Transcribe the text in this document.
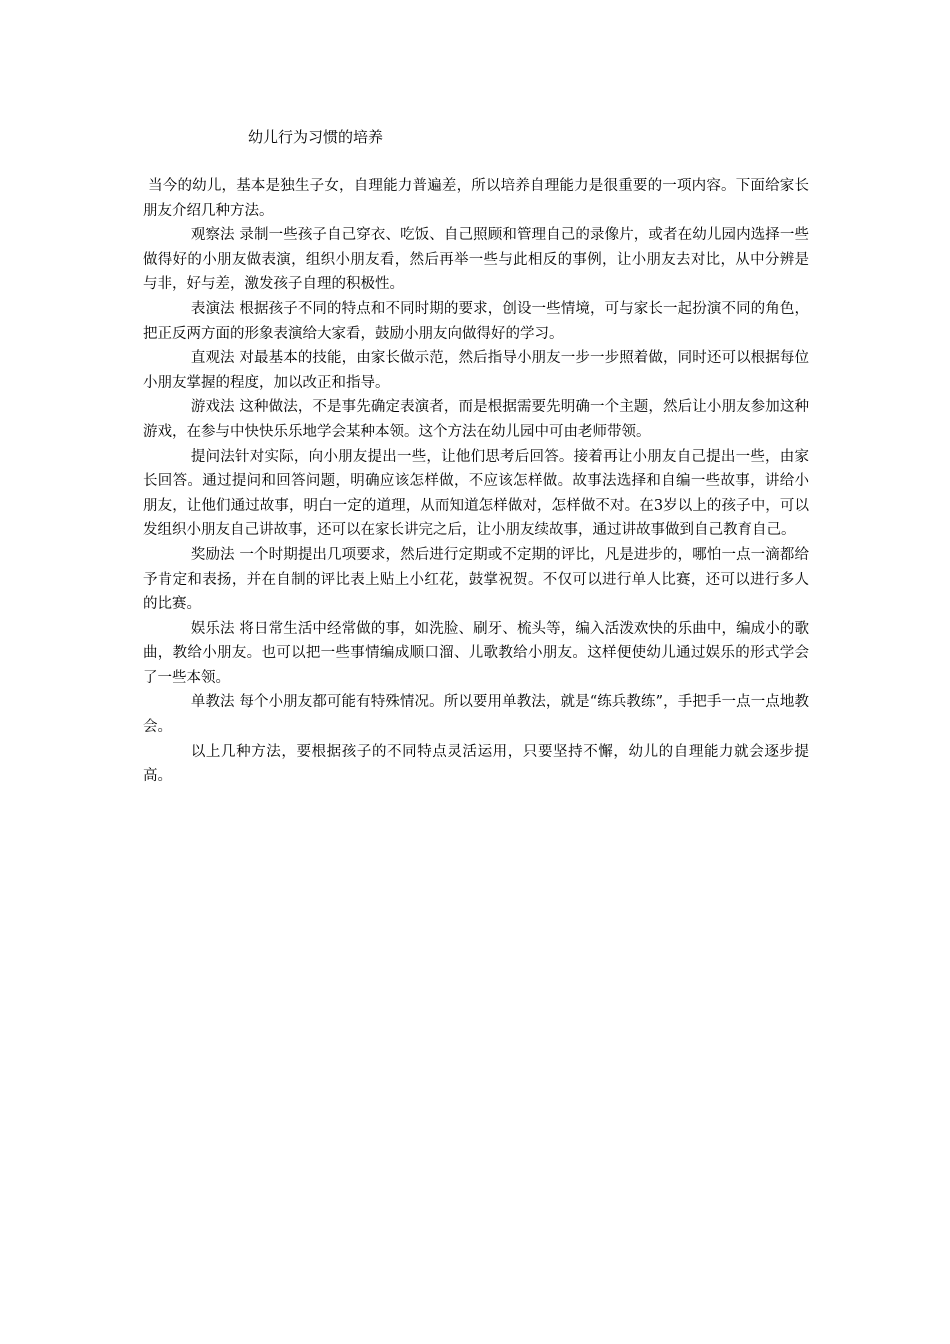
幼儿行为习惯的培养

当今的幼儿，基本是独生子女，自理能力普遍差，所以培养自理能力是很重要的一项内容。下面给家长朋友介绍几种方法。

观察法 录制一些孩子自己穿衣、吃饭、自己照顾和管理自己的录像片，或者在幼儿园内选择一些做得好的小朋友做表演，组织小朋友看，然后再举一些与此相反的事例，让小朋友去对比，从中分辨是与非，好与差，激发孩子自理的积极性。

表演法 根据孩子不同的特点和不同时期的要求，创设一些情境，可与家长一起扮演不同的角色，把正反两方面的形象表演给大家看，鼓励小朋友向做得好的学习。

直观法 对最基本的技能，由家长做示范，然后指导小朋友一步一步照着做，同时还可以根据每位小朋友掌握的程度，加以改正和指导。

游戏法 这种做法，不是事先确定表演者，而是根据需要先明确一个主题，然后让小朋友参加这种游戏，在参与中快快乐乐地学会某种本领。这个方法在幼儿园中可由老师带领。

提问法针对实际，向小朋友提出一些，让他们思考后回答。接着再让小朋友自己提出一些，由家长回答。通过提问和回答问题，明确应该怎样做，不应该怎样做。故事法选择和自编一些故事，讲给小朋友，让他们通过故事，明白一定的道理，从而知道怎样做对，怎样做不对。在3岁以上的孩子中，可以发组织小朋友自己讲故事，还可以在家长讲完之后，让小朋友续故事，通过讲故事做到自己教育自己。

奖励法 一个时期提出几项要求，然后进行定期或不定期的评比，凡是进步的，哪怕一点一滴都给予肯定和表扬，并在自制的评比表上贴上小红花，鼓掌祝贺。不仅可以进行单人比赛，还可以进行多人的比赛。

娱乐法 将日常生活中经常做的事，如洗脸、刷牙、梳头等，编入活泼欢快的乐曲中，编成小的歌曲，教给小朋友。也可以把一些事情编成顺口溜、儿歌教给小朋友。这样便使幼儿通过娱乐的形式学会了一些本领。

单教法 每个小朋友都可能有特殊情况。所以要用单教法，就是“练兵教练”，手把手一点一点地教会。

以上几种方法，要根据孩子的不同特点灵活运用，只要坚持不懈，幼儿的自理能力就会逐步提高。
